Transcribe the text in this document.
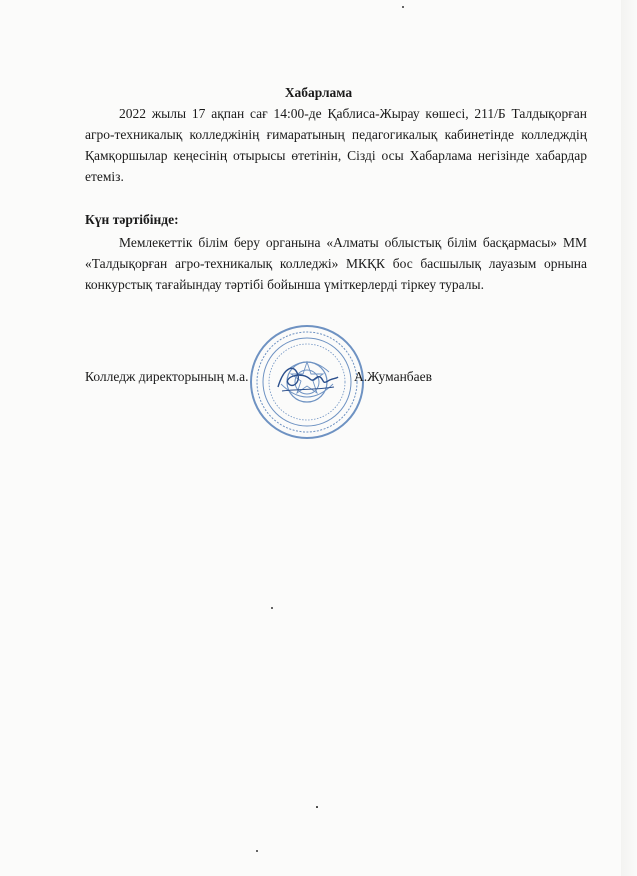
Хабарлама
2022 жылы 17 ақпан сағ 14:00-де Қаблиса-Жырау көшесі, 211/Б Талдықорған агро-техникалық колледжінің ғимаратының педагогикалық кабинетінде колледждің Қамқоршылар кеңесінің отырысы өтетінін, Сізді осы Хабарлама негізінде хабардар етеміз.
Күн тәртібінде:
Мемлекеттік білім беру органына «Алматы облыстық білім басқармасы» ММ «Талдықорған агро-техникалық колледжі» МКҚК бос басшылық лауазым орнына конкурстық тағайындау тәртібі бойынша үміткерлерді тіркеу туралы.
Колледж директорының м.а.	А.Жуманбаев
